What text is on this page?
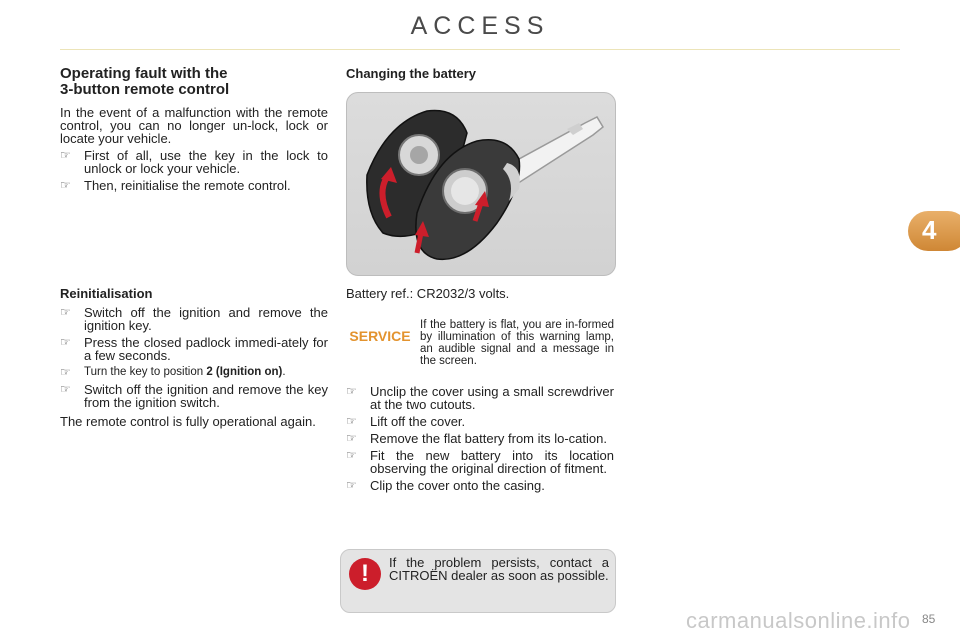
ACCESS
Operating fault with the
3-button remote control

In the event of a malfunction with the remote control, you can no longer un-lock, lock or locate your vehicle.

☞ First of all, use the key in the lock to unlock or lock your vehicle.
☞ Then, reinitialise the remote control.
Reinitialisation
☞ Switch off the ignition and remove the ignition key.
☞ Press the closed padlock immedi-ately for a few seconds.
☞ Turn the key to position 2 (Ignition on).
☞ Switch off the ignition and remove the key from the ignition switch.

The remote control is fully operational again.

Changing the battery
Battery ref.: CR2032/3 volts.
SERVICE
If the battery is flat, you are in-formed by illumination of this warning lamp, an audible signal and a message in the screen.
☞ Unclip the cover using a small screwdriver at the two cutouts.
☞ Lift off the cover.
☞ Remove the flat battery from its lo-cation.
☞ Fit the new battery into its location observing the original direction of fitment.
☞ Clip the cover onto the casing.
!	If the problem persists, contact a CITROËN dealer as soon as possible.
4
carmanualsonline.info 85
